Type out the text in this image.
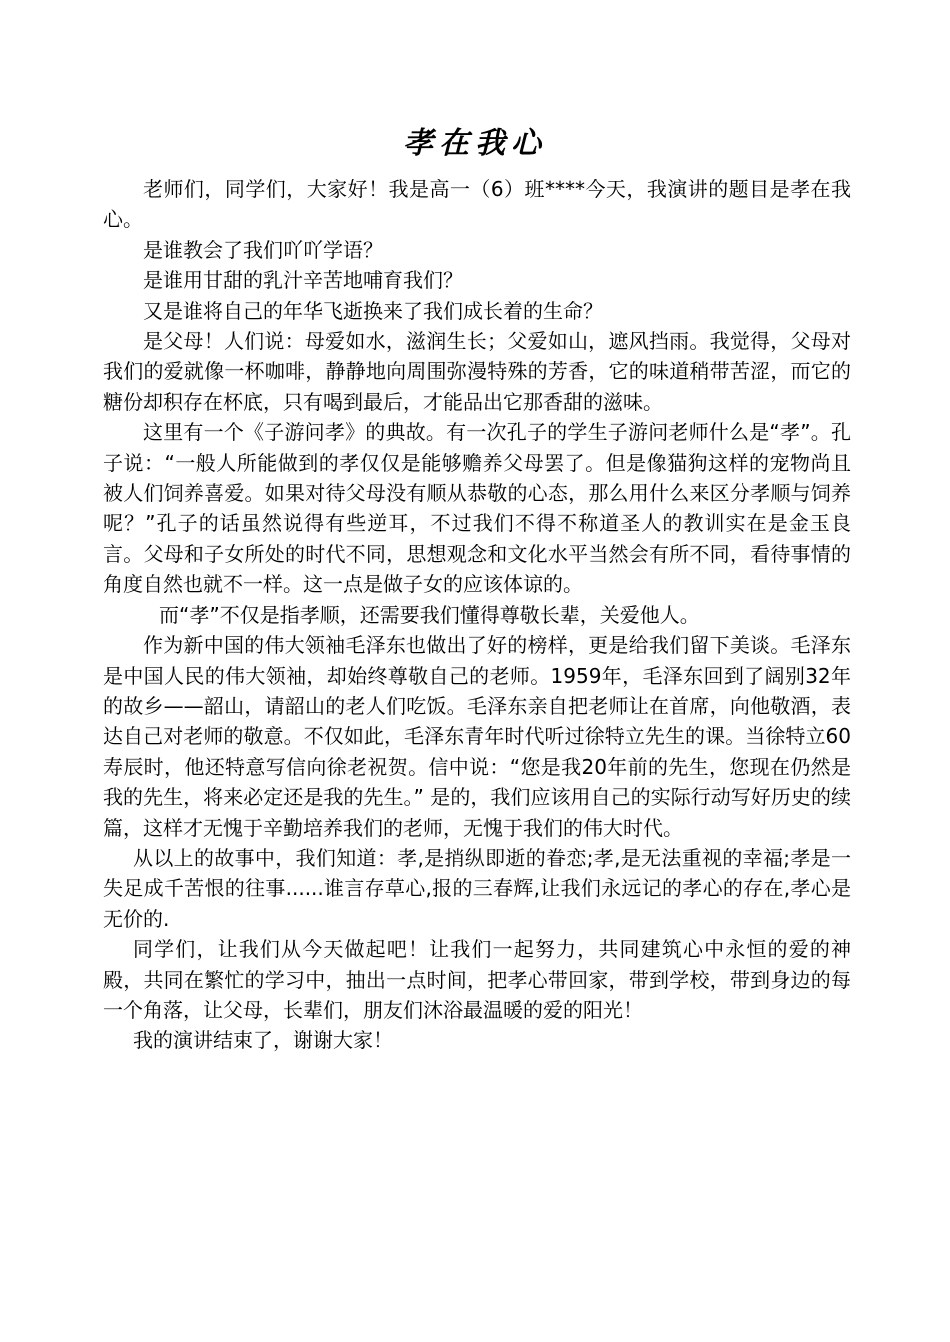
孝在我心

老师们，同学们，大家好！我是高一（6）班****今天，我演讲的题目是孝在我心。

是谁教会了我们吖吖学语？

是谁用甘甜的乳汁辛苦地哺育我们？

又是谁将自己的年华飞逝换来了我们成长着的生命？

是父母！人们说：母爱如水，滋润生长；父爱如山，遮风挡雨。我觉得，父母对我们的爱就像一杯咖啡，静静地向周围弥漫特殊的芳香，它的味道稍带苦涩，而它的糖份却积存在杯底，只有喝到最后，才能品出它那香甜的滋味。

这里有一个《子游问孝》的典故。有一次孔子的学生子游问老师什么是“孝”。孔子说：“一般人所能做到的孝仅仅是能够赡养父母罢了。但是像猫狗这样的宠物尚且被人们饲养喜爱。如果对待父母没有顺从恭敬的心态，那么用什么来区分孝顺与饲养呢？”孔子的话虽然说得有些逆耳，不过我们不得不称道圣人的教训实在是金玉良言。父母和子女所处的时代不同，思想观念和文化水平当然会有所不同，看待事情的角度自然也就不一样。这一点是做子女的应该体谅的。

而“孝”不仅是指孝顺，还需要我们懂得尊敬长辈，关爱他人。

作为新中国的伟大领袖毛泽东也做出了好的榜样，更是给我们留下美谈。毛泽东是中国人民的伟大领袖，却始终尊敬自己的老师。1959年，毛泽东回到了阔别32年的故乡——韶山，请韶山的老人们吃饭。毛泽东亲自把老师让在首席，向他敬酒，表达自己对老师的敬意。不仅如此，毛泽东青年时代听过徐特立先生的课。当徐特立60寿辰时，他还特意写信向徐老祝贺。信中说：“您是我20年前的先生，您现在仍然是我的先生，将来必定还是我的先生。” 是的，我们应该用自己的实际行动写好历史的续篇，这样才无愧于辛勤培养我们的老师，无愧于我们的伟大时代。

从以上的故事中，我们知道：孝,是捎纵即逝的眷恋;孝,是无法重视的幸福;孝是一失足成千苦恨的往事......谁言存草心,报的三春辉,让我们永远记的孝心的存在,孝心是无价的.

同学们，让我们从今天做起吧！让我们一起努力，共同建筑心中永恒的爱的神殿，共同在繁忙的学习中，抽出一点时间，把孝心带回家，带到学校，带到身边的每一个角落，让父母，长辈们，朋友们沐浴最温暖的爱的阳光！

我的演讲结束了，谢谢大家！
